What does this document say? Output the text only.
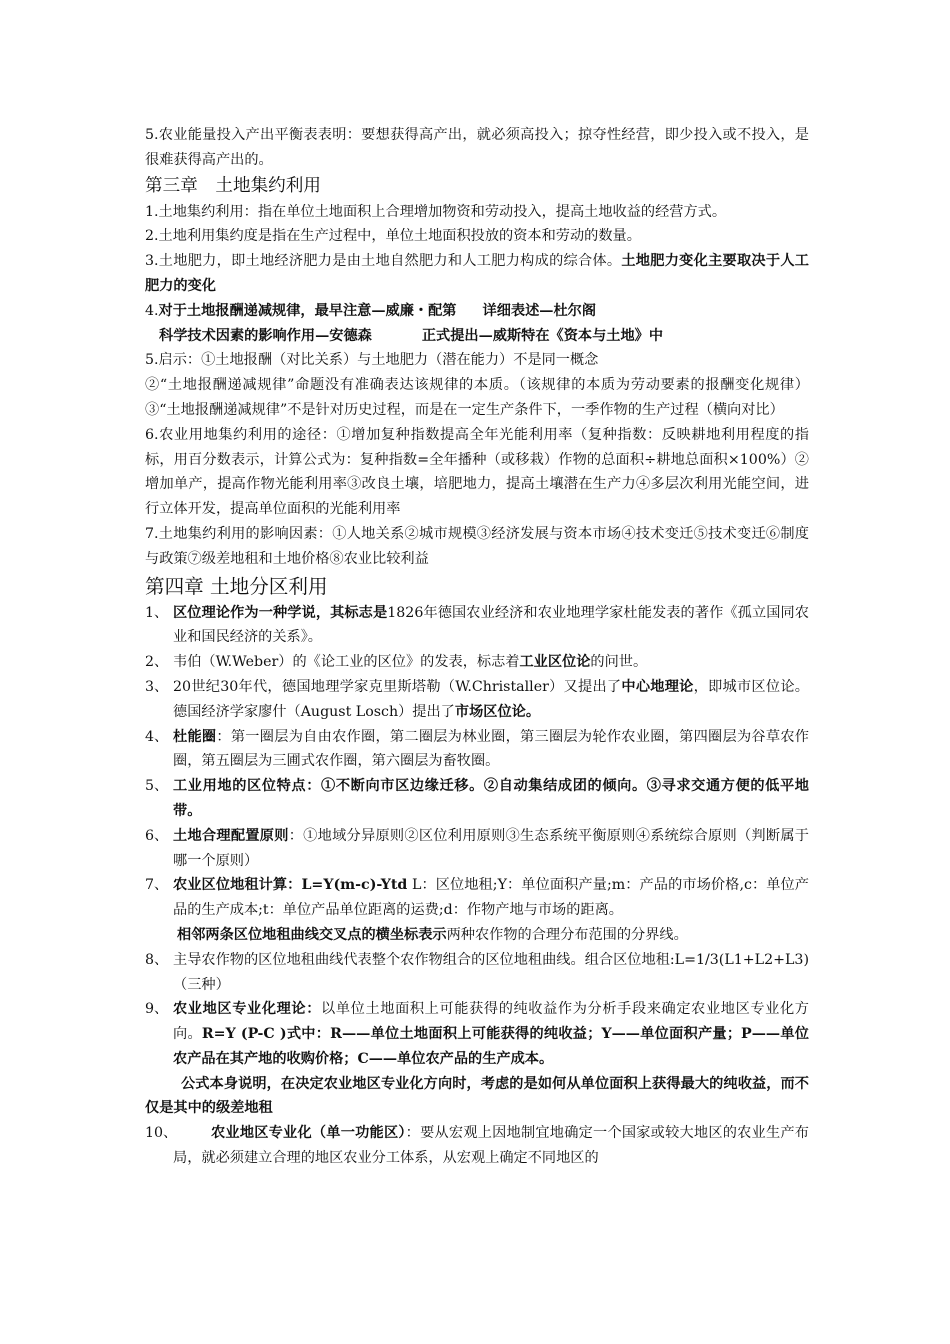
5.农业能量投入产出平衡表表明：要想获得高产出，就必须高投入；掠夺性经营，即少投入或不投入，是很难获得高产出的。

第三章　土地集约利用

1.土地集约利用：指在单位土地面积上合理增加物资和劳动投入，提高土地收益的经营方式。

2.土地利用集约度是指在生产过程中，单位土地面积投放的资本和劳动的数量。

3.土地肥力，即土地经济肥力是由土地自然肥力和人工肥力构成的综合体。土地肥力变化主要取决于人工肥力的变化

4.对于土地报酬递减规律，最早注意—威廉・配第 详细表述—杜尔阁

科学技术因素的影响作用—安德森	正式提出—威斯特在《资本与土地》中

5.启示：①土地报酬（对比关系）与土地肥力（潜在能力）不是同一概念

②“土地报酬递减规律”命题没有准确表达该规律的本质。（该规律的本质为劳动要素的报酬变化规律）③“土地报酬递减规律”不是针对历史过程，而是在一定生产条件下，一季作物的生产过程（横向对比）

6.农业用地集约利用的途径：①增加复种指数提高全年光能利用率（复种指数：反映耕地利用程度的指标，用百分数表示，计算公式为：复种指数=全年播种（或移栽）作物的总面积÷耕地总面积×100%）②增加单产，提高作物光能利用率③改良土壤，培肥地力，提高土壤潜在生产力④多层次利用光能空间，进行立体开发，提高单位面积的光能利用率

7.土地集约利用的影响因素：①人地关系②城市规模③经济发展与资本市场④技术变迁⑤技术变迁⑥制度与政策⑦级差地租和土地价格⑧农业比较利益

第四章 土地分区利用
1、 区位理论作为一种学说，其标志是1826年德国农业经济和农业地理学家杜能发表的著作《孤立国同农业和国民经济的关系》。
2、 韦伯（W.Weber）的《论工业的区位》的发表，标志着工业区位论的问世。
3、 20世纪30年代，德国地理学家克里斯塔勒（W.Christaller）又提出了中心地理论，即城市区位论。德国经济学家廖什（August Losch）提出了市场区位论。
4、 杜能圈：第一圈层为自由农作圈，第二圈层为林业圈，第三圈层为轮作农业圈，第四圈层为谷草农作圈，第五圈层为三圃式农作圈，第六圈层为畜牧圈。
5、 工业用地的区位特点：①不断向市区边缘迁移。②自动集结成团的倾向。③寻求交通方便的低平地带。
6、 土地合理配置原则：①地域分异原则②区位利用原则③生态系统平衡原则④系统综合原则（判断属于哪一个原则）
7、 农业区位地租计算：L=Y(m-c)-Ytd L：区位地租;Y：单位面积产量;m：产品的市场价格,c：单位产品的生产成本;t：单位产品单位距离的运费;d：作物产地与市场的距离。
相邻两条区位地租曲线交叉点的横坐标表示两种农作物的合理分布范围的分界线。
8、 主导农作物的区位地租曲线代表整个农作物组合的区位地租曲线。组合区位地租:L=1/3(L1+L2+L3)（三种）
9、 农业地区专业化理论：以单位土地面积上可能获得的纯收益作为分析手段来确定农业地区专业化方向。R=Y (P-C )式中：R——单位土地面积上可能获得的纯收益；Y——单位面积产量；P——单位农产品在其产地的收购价格；C——单位农产品的生产成本。
公式本身说明，在决定农业地区专业化方向时，考虑的是如何从单位面积上获得最大的纯收益，而不仅是其中的级差地租
10、	农业地区专业化（单一功能区）：要从宏观上因地制宜地确定一个国家或较大地区的农业生产布局，就必须建立合理的地区农业分工体系，从宏观上确定不同地区的
